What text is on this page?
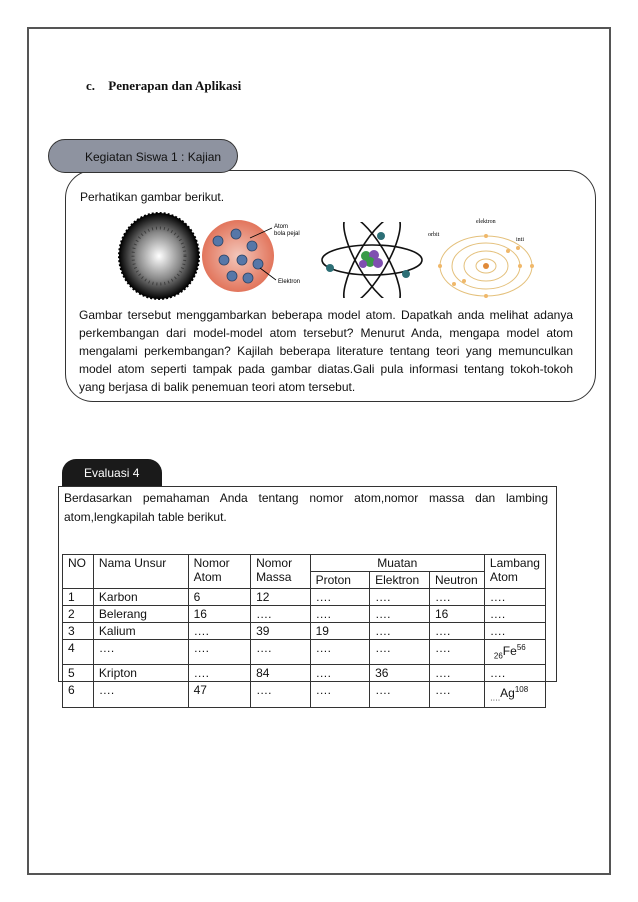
c. Penerapan dan Aplikasi
Kegiatan Siswa 1 : Kajian
Perhatikan gambar berikut.
Atom
bola pejal
Elektron
elektron
orbit
inti
Gambar tersebut menggambarkan beberapa model atom. Dapatkah anda melihat adanya perkembangan dari model-model atom tersebut? Menurut Anda, mengapa model atom mengalami perkembangan? Kajilah beberapa literature tentang teori yang memunculkan model atom seperti tampak pada gambar diatas.Gali pula informasi tentang tokoh-tokoh yang berjasa di balik penemuan teori atom tersebut.
Evaluasi 4
Berdasarkan pemahaman Anda tentang nomor atom,nomor massa dan lambing atom,lengkapilah table berikut.
NO	Nama Unsur	Nomor Atom	Nomor Massa	Muatan			Lambang Atom
				Proton	Elektron	Neutron	
1	Karbon	6	12	….	….	….	….
2	Belerang	16	….	….	….	16	….
3	Kalium	….	39	19	….	….	….
4	….	….	….	….	….	….	$_{26}Fe^{56}$
5	Kripton	….	84	….	36	….	….
6	….	47	….	….	….	….	$_{\dots.}Ag^{108}$
